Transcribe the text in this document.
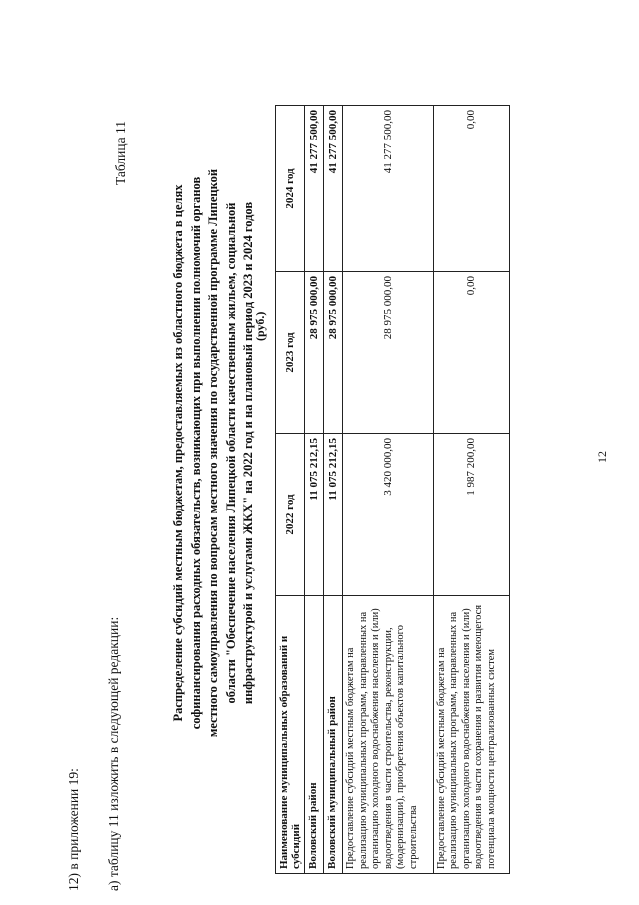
12
12) в приложении 19: а) таблицу 11 изложить в следующей редакции:
Таблица 11
Распределение субсидий местным бюджетам, предоставляемых из областного бюджета в целях софинансирования расходных обязательств, возникающих при выполнении полномочий органов местного самоуправления по вопросам местного значения по государственной программе Липецкой области "Обеспечение населения Липецкой области качественным жильем, социальной инфраструктурой и услугами ЖКХ" на 2022 год и на плановый период 2023 и 2024 годов
(руб.)
Наименование муниципальных образований и субсидий	2022 год	2023 год	2024 год
Воловский район	11 075 212,15	28 975 000,00	41 277 500,00
Воловский муниципальный район	11 075 212,15	28 975 000,00	41 277 500,00
Предоставление субсидий местным бюджетам на реализацию муниципальных программ, направленных на организацию холодного водоснабжения населения и (или) водоотведения в части строительства, реконструкции, (модернизации), приобретения объектов капитального строительства	3 420 000,00	28 975 000,00	41 277 500,00
Предоставление субсидий местным бюджетам на реализацию муниципальных программ, направленных на организацию холодного водоснабжения населения и (или) водоотведения в части сохранения и развития имеющегося потенциала мощности централизованных систем	1 987 200,00	0,00	0,00
